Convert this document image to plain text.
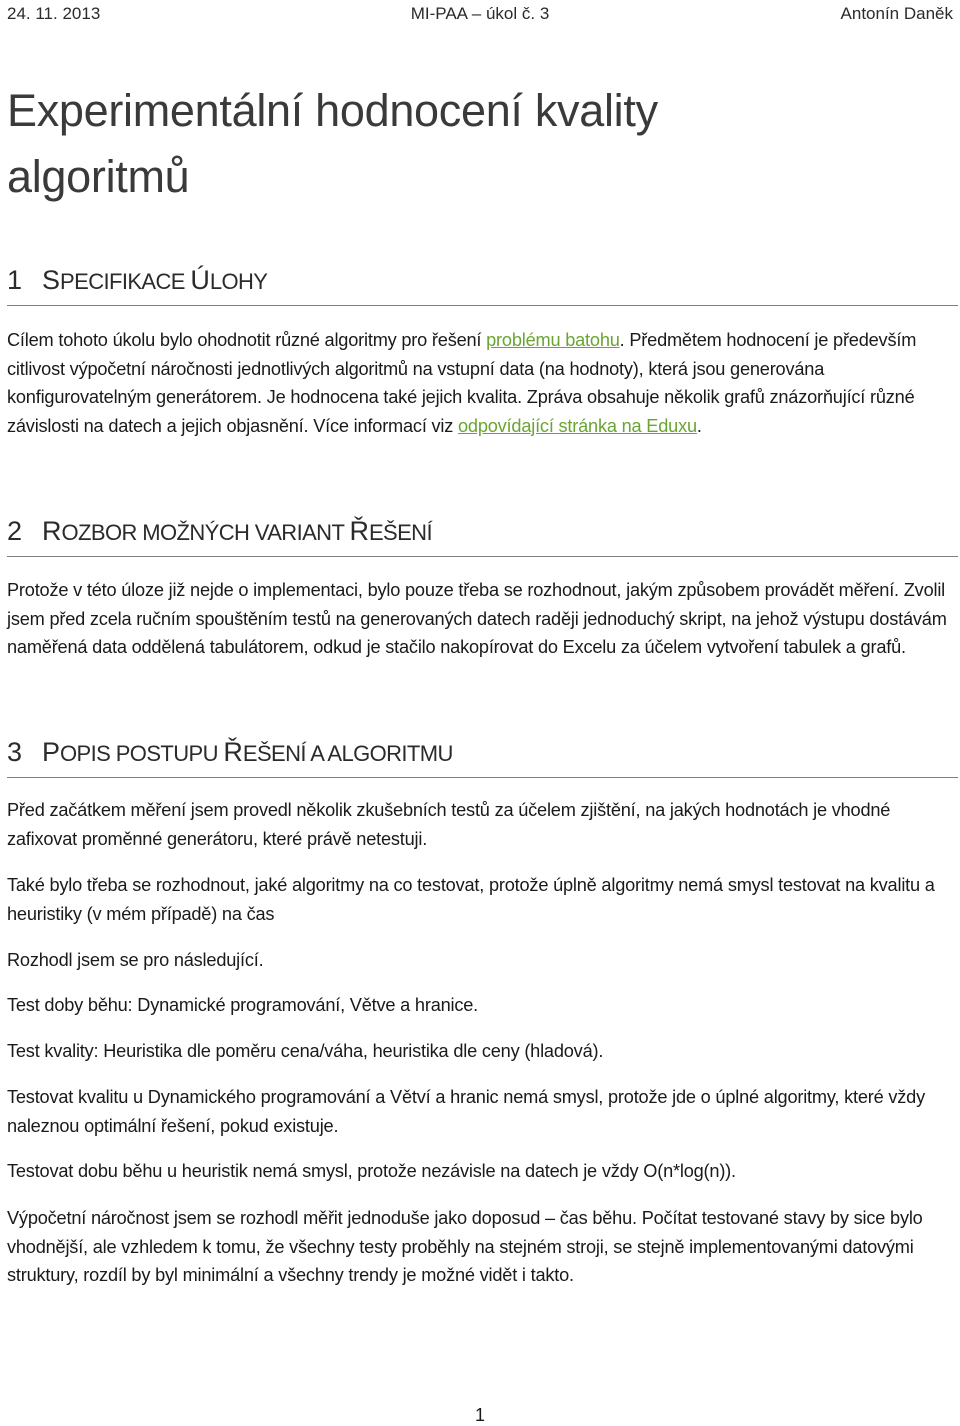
24. 11. 2013	MI-PAA – úkol č. 3	Antonín Daněk
Experimentální hodnocení kvality
algoritmů
1 SPECIFIKACE ÚLOHY

Cílem tohoto úkolu bylo ohodnotit různé algoritmy pro řešení problému batohu. Předmětem hodnocení je především citlivost výpočetní náročnosti jednotlivých algoritmů na vstupní data (na hodnoty), která jsou generována konfigurovatelným generátorem. Je hodnocena také jejich kvalita. Zpráva obsahuje několik grafů znázorňující různé závislosti na datech a jejich objasnění. Více informací viz odpovídající stránka na Eduxu.

2 ROZBOR MOŽNÝCH VARIANT ŘEŠENÍ

Protože v této úloze již nejde o implementaci, bylo pouze třeba se rozhodnout, jakým způsobem provádět měření. Zvolil jsem před zcela ručním spouštěním testů na generovaných datech raději jednoduchý skript, na jehož výstupu dostávám naměřená data oddělená tabulátorem, odkud je stačilo nakopírovat do Excelu za účelem vytvoření tabulek a grafů.

3 POPIS POSTUPU ŘEŠENÍ A ALGORITMU

Před začátkem měření jsem provedl několik zkušebních testů za účelem zjištění, na jakých hodnotách je vhodné zafixovat proměnné generátoru, které právě netestuji.

Také bylo třeba se rozhodnout, jaké algoritmy na co testovat, protože úplně algoritmy nemá smysl testovat na kvalitu a heuristiky (v mém případě) na čas

Rozhodl jsem se pro následující.

Test doby běhu: Dynamické programování, Větve a hranice.

Test kvality: Heuristika dle poměru cena/váha, heuristika dle ceny (hladová).

Testovat kvalitu u Dynamického programování a Větví a hranic nemá smysl, protože jde o úplné algoritmy, které vždy naleznou optimální řešení, pokud existuje.

Testovat dobu běhu u heuristik nemá smysl, protože nezávisle na datech je vždy O(n*log(n)).

Výpočetní náročnost jsem se rozhodl měřit jednoduše jako doposud – čas běhu. Počítat testované stavy by sice bylo vhodnější, ale vzhledem k tomu, že všechny testy proběhly na stejném stroji, se stejně implementovanými datovými struktury, rozdíl by byl minimální a všechny trendy je možné vidět i takto.

1
